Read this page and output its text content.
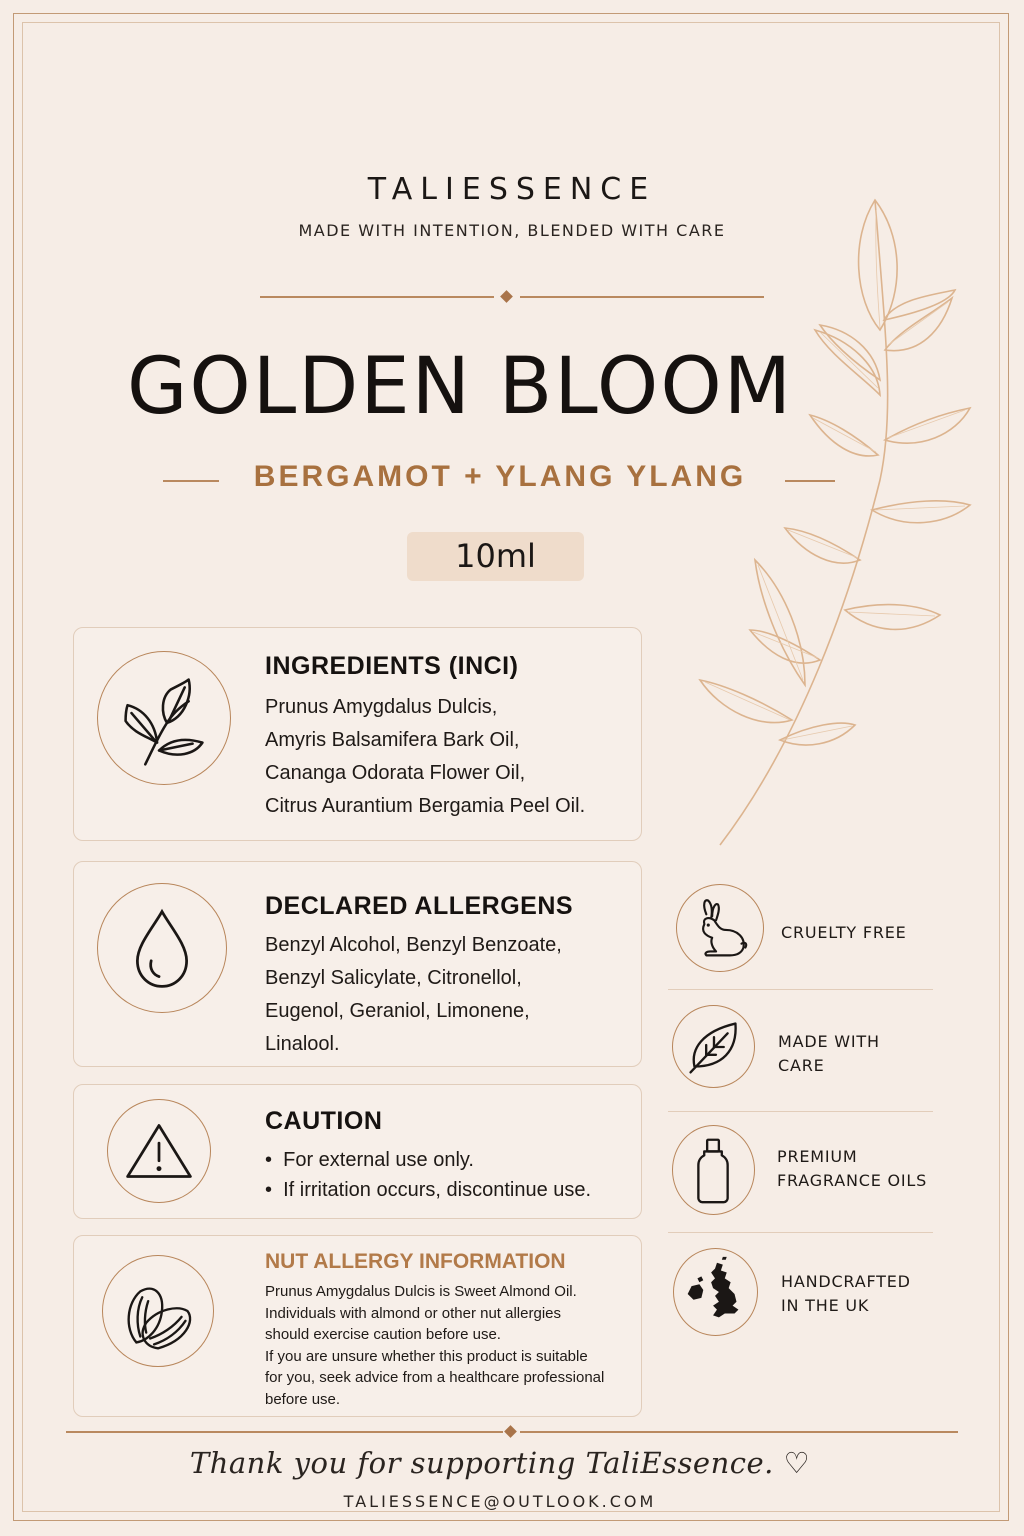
TALIESSENCE
MADE WITH INTENTION, BLENDED WITH CARE
GOLDEN BLOOM
BERGAMOT + YLANG YLANG
10ml
INGREDIENTS (INCI)
Prunus Amygdalus Dulcis,
Amyris Balsamifera Bark Oil,
Cananga Odorata Flower Oil,
Citrus Aurantium Bergamia Peel Oil.
DECLARED ALLERGENS
Benzyl Alcohol, Benzyl Benzoate,
Benzyl Salicylate, Citronellol,
Eugenol, Geraniol, Limonene,
Linalool.
CAUTION
•  For external use only.
•  If irritation occurs, discontinue use.
NUT ALLERGY INFORMATION
Prunus Amygdalus Dulcis is Sweet Almond Oil.
Individuals with almond or other nut allergies
should exercise caution before use.
If you are unsure whether this product is suitable
for you, seek advice from a healthcare professional
before use.
CRUELTY FREE
MADE WITH
CARE
PREMIUM
FRAGRANCE OILS
HANDCRAFTED
IN THE UK
Thank you for supporting TaliEssence. ♡
TALIESSENCE@OUTLOOK.COM
